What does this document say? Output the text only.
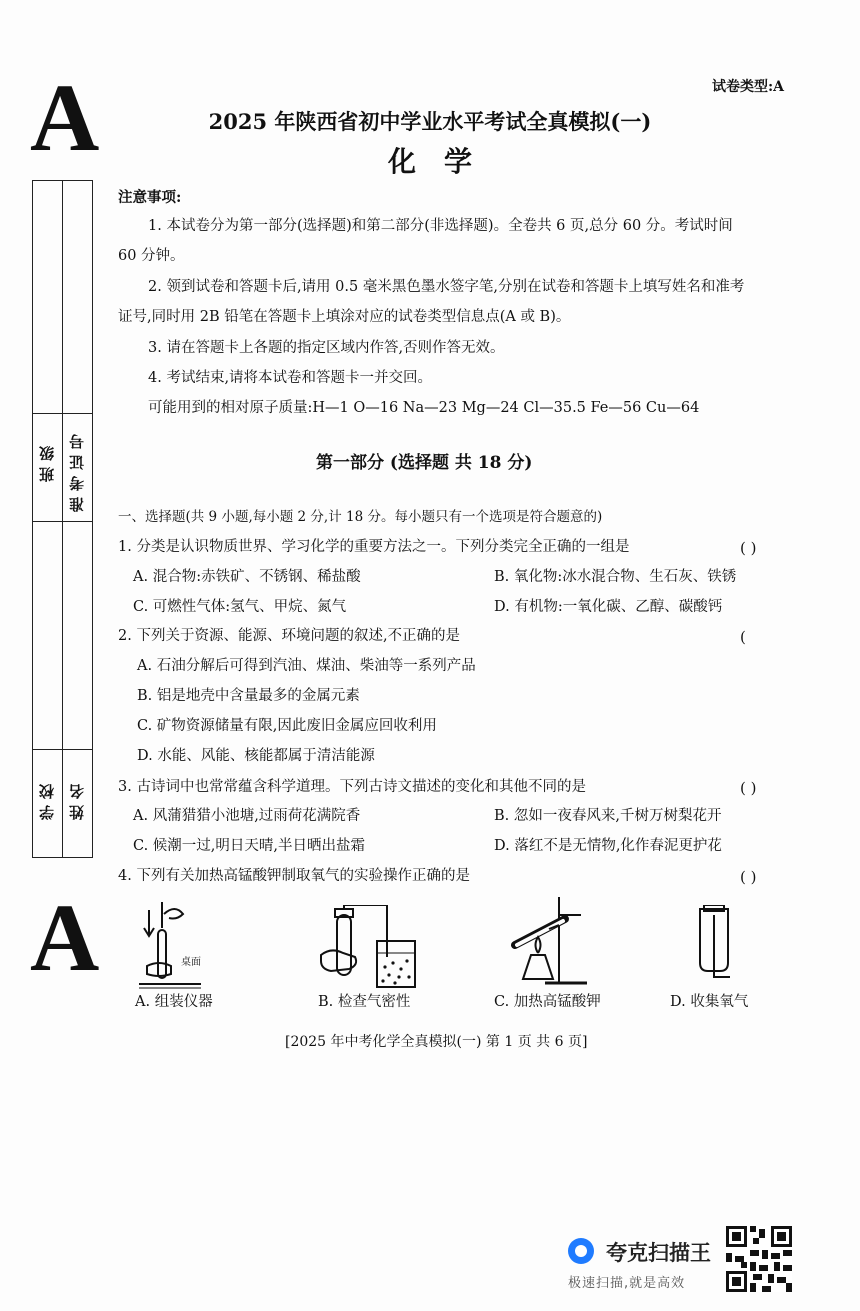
试卷类型:A
A	2025 年陕西省初中学业水平考试全真模拟(一)
化学
班级 准考证号
学校 姓名
A
注意事项:
1. 本试卷分为第一部分(选择题)和第二部分(非选择题)。全卷共 6 页,总分 60 分。考试时间
60 分钟。
2. 领到试卷和答题卡后,请用 0.5 毫米黑色墨水签字笔,分别在试卷和答题卡上填写姓名和准考
证号,同时用 2B 铅笔在答题卡上填涂对应的试卷类型信息点(A 或 B)。
3. 请在答题卡上各题的指定区域内作答,否则作答无效。
4. 考试结束,请将本试卷和答题卡一并交回。
可能用到的相对原子质量:H—1 O—16 Na—23 Mg—24 Cl—35.5 Fe—56 Cu—64
第一部分 (选择题 共 18 分)
一、选择题(共 9 小题,每小题 2 分,计 18 分。每小题只有一个选项是符合题意的)
1. 分类是认识物质世界、学习化学的重要方法之一。下列分类完全正确的一组是	( )
A. 混合物:赤铁矿、不锈钢、稀盐酸	B. 氧化物:冰水混合物、生石灰、铁锈
C. 可燃性气体:氢气、甲烷、氮气	D. 有机物:一氧化碳、乙醇、碳酸钙
2. 下列关于资源、能源、环境问题的叙述,不正确的是	(
A. 石油分解后可得到汽油、煤油、柴油等一系列产品
B. 铝是地壳中含量最多的金属元素
C. 矿物资源储量有限,因此废旧金属应回收利用
D. 水能、风能、核能都属于清洁能源
3. 古诗词中也常常蕴含科学道理。下列古诗文描述的变化和其他不同的是	( )
A. 风蒲猎猎小池塘,过雨荷花满院香	B. 忽如一夜春风来,千树万树梨花开
C. 候潮一过,明日天晴,半日晒出盐霜	D. 落红不是无情物,化作春泥更护花
4. 下列有关加热高锰酸钾制取氧气的实验操作正确的是	( )
桌面
A. 组装仪器	B. 检查气密性	C. 加热高锰酸钾	D. 收集氧气
[2025 年中考化学全真模拟(一) 第 1 页 共 6 页]
夸克扫描王
极速扫描,就是高效
